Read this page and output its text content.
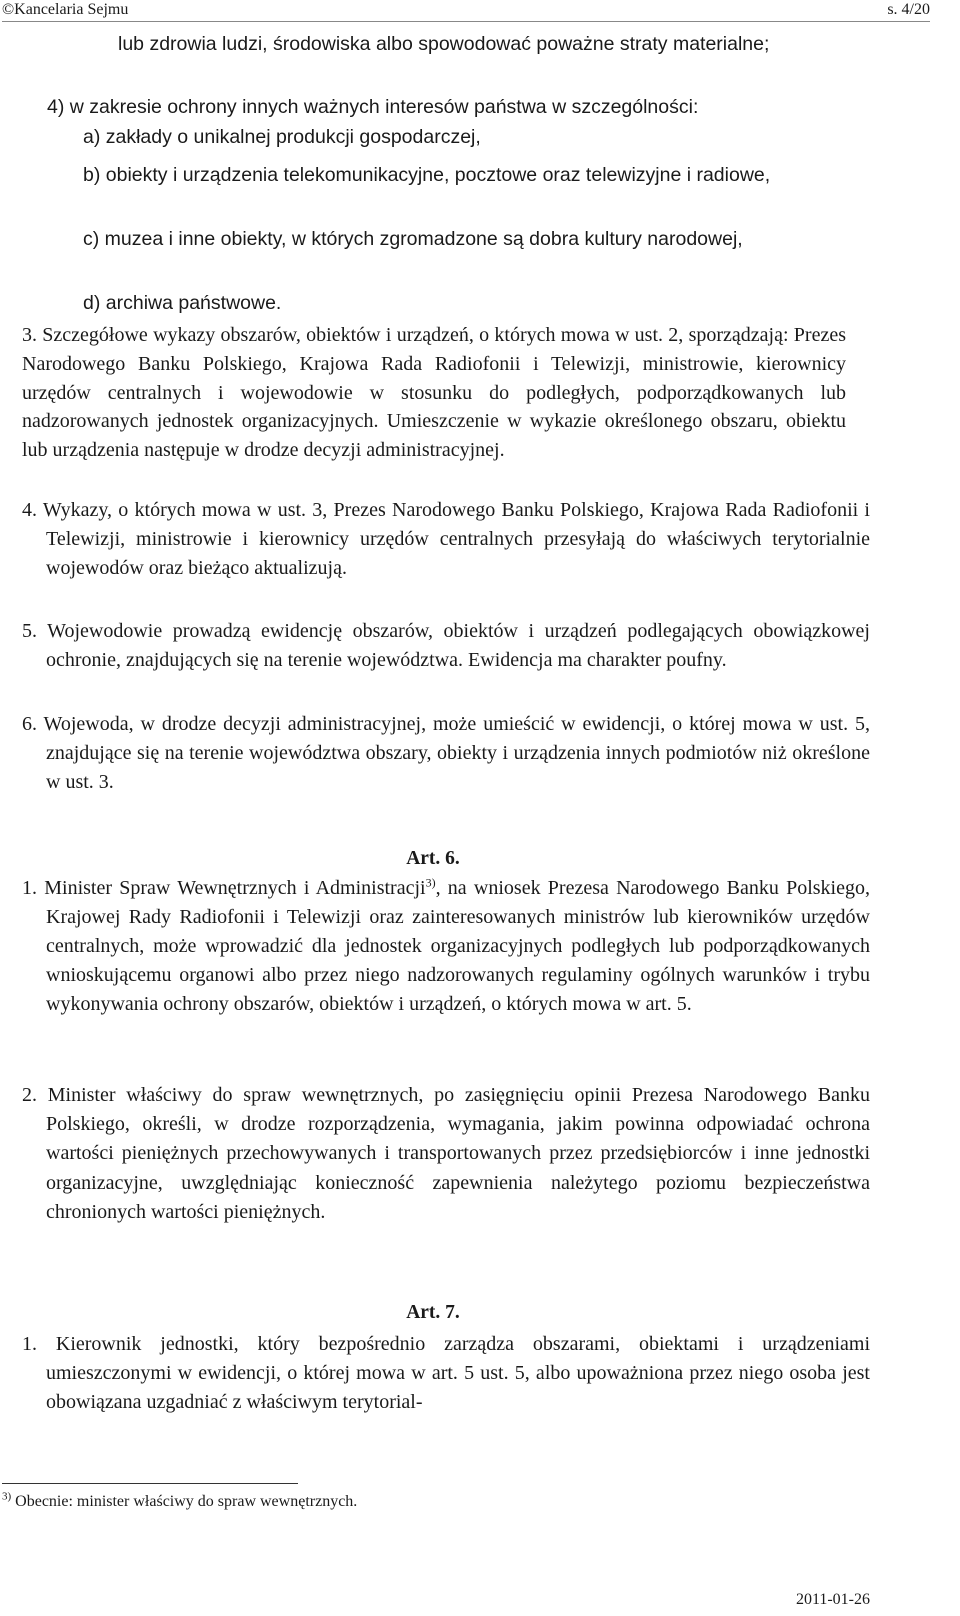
©Kancelaria Sejmu	s. 4/20

lub zdrowia ludzi, środowiska albo spowodować poważne straty materialne;

4) w zakresie ochrony innych ważnych interesów państwa w szczególności:

a) zakłady o unikalnej produkcji gospodarczej,

b) obiekty i urządzenia telekomunikacyjne, pocztowe oraz telewizyjne i radiowe,

c) muzea i inne obiekty, w których zgromadzone są dobra kultury narodowej,

d) archiwa państwowe.

3. Szczegółowe wykazy obszarów, obiektów i urządzeń, o których mowa w ust. 2, sporządzają: Prezes Narodowego Banku Polskiego, Krajowa Rada Radiofonii i Telewizji, ministrowie, kierownicy urzędów centralnych i wojewodowie w stosunku do podległych, podporządkowanych lub nadzorowanych jednostek organizacyjnych. Umieszczenie w wykazie określonego obszaru, obiektu lub urządzenia następuje w drodze decyzji administracyjnej.

4. Wykazy, o których mowa w ust. 3, Prezes Narodowego Banku Polskiego, Krajowa Rada Radiofonii i Telewizji, ministrowie i kierownicy urzędów centralnych przesyłają do właściwych terytorialnie wojewodów oraz bieżąco aktualizują.

5. Wojewodowie prowadzą ewidencję obszarów, obiektów i urządzeń podlegających obowiązkowej ochronie, znajdujących się na terenie województwa. Ewidencja ma charakter poufny.

6. Wojewoda, w drodze decyzji administracyjnej, może umieścić w ewidencji, o której mowa w ust. 5, znajdujące się na terenie województwa obszary, obiekty i urządzenia innych podmiotów niż określone w ust. 3.

Art. 6.

1. Minister Spraw Wewnętrznych i Administracji$^{3)}$, na wniosek Prezesa Narodowego Banku Polskiego, Krajowej Rady Radiofonii i Telewizji oraz zainteresowanych ministrów lub kierowników urzędów centralnych, może wprowadzić dla jednostek organizacyjnych podległych lub podporządkowanych wnioskującemu organowi albo przez niego nadzorowanych regulaminy ogólnych warunków i trybu wykonywania ochrony obszarów, obiektów i urządzeń, o których mowa w art. 5.

2. Minister właściwy do spraw wewnętrznych, po zasięgnięciu opinii Prezesa Narodowego Banku Polskiego, określi, w drodze rozporządzenia, wymagania, jakim powinna odpowiadać ochrona wartości pieniężnych przechowywanych i transportowanych przez przedsiębiorców i inne jednostki organizacyjne, uwzględniając konieczność zapewnienia należytego poziomu bezpieczeństwa chronionych wartości pieniężnych.

Art. 7.

1. Kierownik jednostki, który bezpośrednio zarządza obszarami, obiektami i urządzeniami umieszczonymi w ewidencji, o której mowa w art. 5 ust. 5, albo upoważniona przez niego osoba jest obowiązana uzgadniać z właściwym terytorial-

$^{3)}$ Obecnie: minister właściwy do spraw wewnętrznych.
2011-01-26
